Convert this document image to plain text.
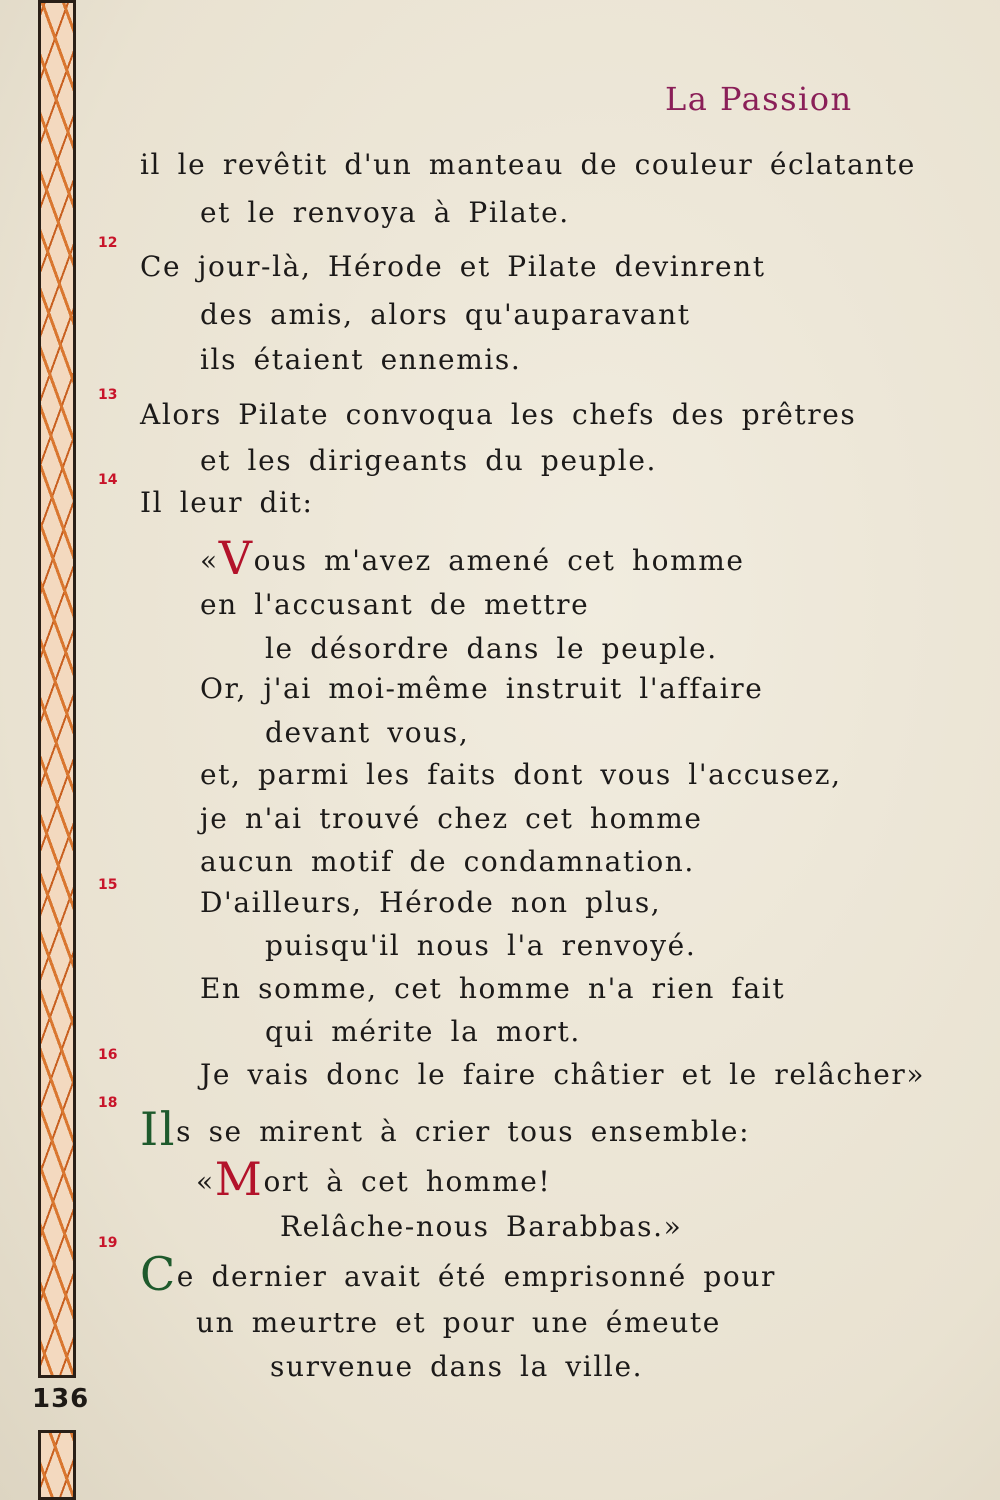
136
La Passion
12
13
14
15
16
18
19
il le revêtit d'un manteau de couleur éclatante
et le renvoya à Pilate.
Ce jour-là, Hérode et Pilate devinrent
des amis, alors qu'auparavant
ils étaient ennemis.
Alors Pilate convoqua les chefs des prêtres
et les dirigeants du peuple.
Il leur dit:
«Vous m'avez amené cet homme
en l'accusant de mettre
le désordre dans le peuple.
Or, j'ai moi-même instruit l'affaire
devant vous,
et, parmi les faits dont vous l'accusez,
je n'ai trouvé chez cet homme
aucun motif de condamnation.
D'ailleurs, Hérode non plus,
puisqu'il nous l'a renvoyé.
En somme, cet homme n'a rien fait
qui mérite la mort.
Je vais donc le faire châtier et le relâcher»
Ils se mirent à crier tous ensemble:
«Mort à cet homme!
Relâche-nous Barabbas.»
Ce dernier avait été emprisonné pour
un meurtre et pour une émeute
survenue dans la ville.
